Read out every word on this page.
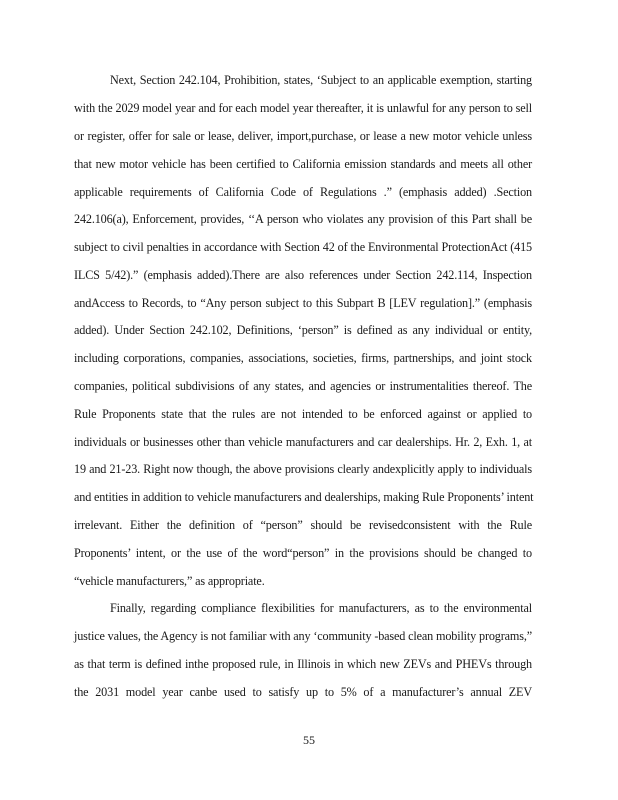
Next, Section 242.104, Prohibition, states, ‘Subject to an applicable exemption, starting
with the 2029 model year and for each model year thereafter, it is unlawful for any person to sell
or register, offer for sale or lease, deliver, import,purchase, or lease a new motor vehicle unless
that new motor vehicle has been certified to California emission standards and meets all other
applicable requirements of California Code of Regulations .” (emphasis added) .Section
242.106(a), Enforcement, provides, ‘‘A person who violates any provision of this Part shall be
subject to civil penalties in accordance with Section 42 of the Environmental ProtectionAct (415
ILCS 5/42).” (emphasis added).There are also references under Section 242.114, Inspection
andAccess to Records, to “Any person subject to this Subpart B [LEV regulation].” (emphasis
added). Under Section 242.102, Definitions, ‘person” is defined as any individual or entity,
including corporations, companies, associations, societies, firms, partnerships, and joint stock
companies, political subdivisions of any states, and agencies or instrumentalities thereof. The
Rule Proponents state that the rules are not intended to be enforced against or applied to
individuals or businesses other than vehicle manufacturers and car dealerships. Hr. 2, Exh. 1, at
19 and 21-23. Right now though, the above provisions clearly andexplicitly apply to individuals
and entities in addition to vehicle manufacturers and dealerships, making Rule Proponents’ intent
irrelevant. Either the definition of “person” should be revisedconsistent with the Rule
Proponents’ intent, or the use of the word“person” in the provisions should be changed to
“vehicle manufacturers,” as appropriate.
Finally, regarding compliance flexibilities for manufacturers, as to the environmental
justice values, the Agency is not familiar with any ‘community -based clean mobility programs,”
as that term is defined inthe proposed rule, in Illinois in which new ZEVs and PHEVs through
the 2031 model year canbe used to satisfy up to 5% of a manufacturer’s annual ZEV
55
